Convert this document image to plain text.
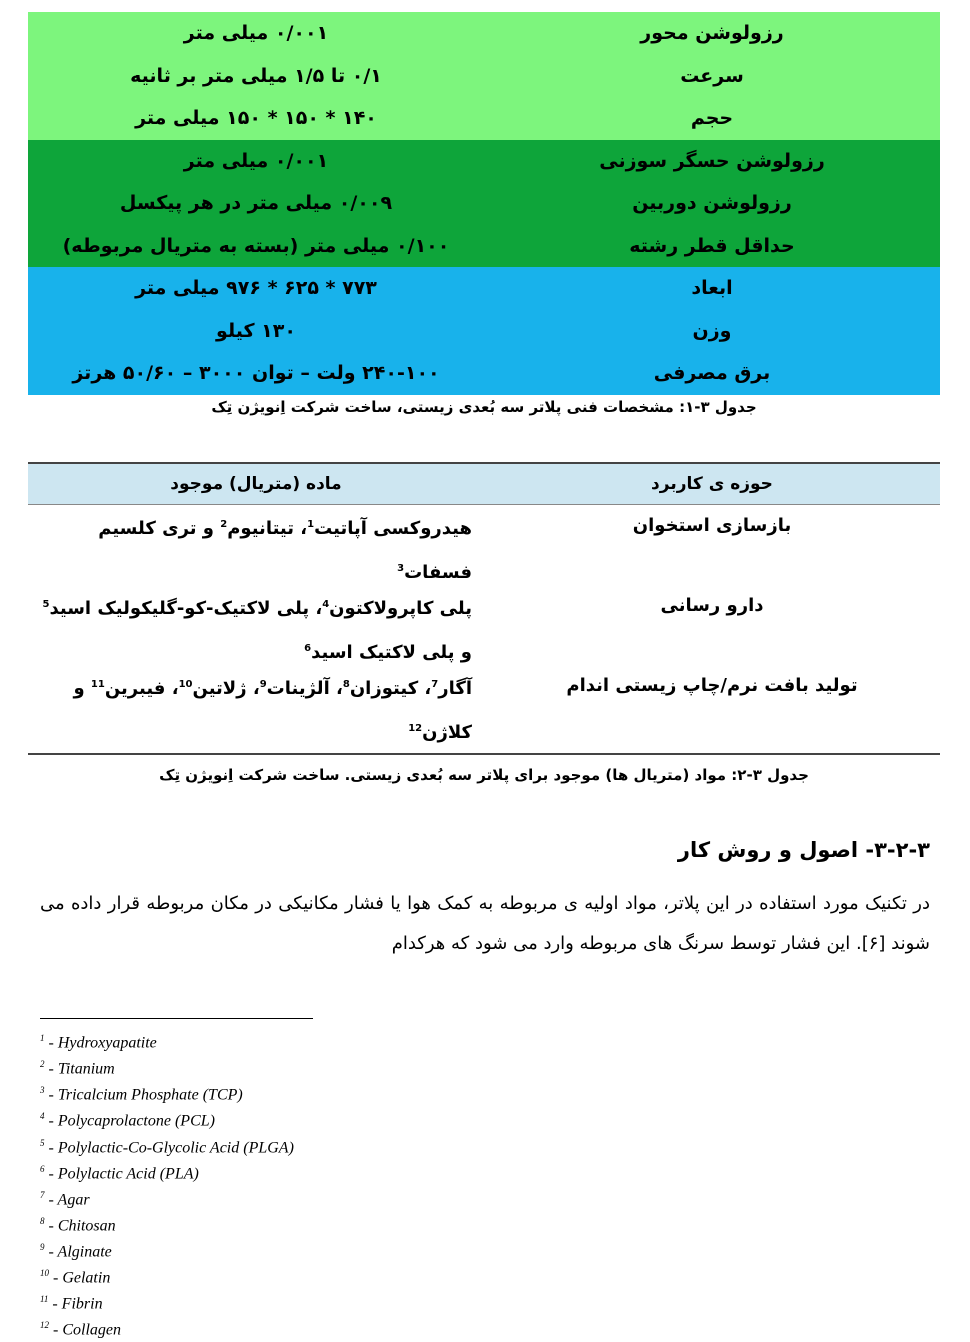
رزولوشن محور
۰/۰۰۱ میلی متر
سرعت
۰/۱ تا ۱/۵ میلی متر بر ثانیه
حجم
۱۴۰ * ۱۵۰ * ۱۵۰ میلی متر
رزولوشن حسگر سوزنی
۰/۰۰۱ میلی متر
رزولوشن دوربین
۰/۰۰۹ میلی متر در هر پیکسل
حداقل قطر رشته
۰/۱۰۰ میلی متر (بسته به متریال مربوطه)
ابعاد
۷۷۳ * ۶۲۵ * ۹۷۶ میلی متر
وزن
۱۳۰ کیلو
برق مصرفی
۲۴۰-۱۰۰ ولت – توان ۳۰۰۰ – ۵۰/۶۰ هرتز
جدول ۳-۱: مشخصات فنی پلاتر سه بُعدی زیستی، ساخت شرکت اِنویژن تِک
حوزه ی کاربرد
ماده (متریال) موجود
بازسازی استخوان
هیدروکسی آپاتیت$^1$، تیتانیوم$^2$ و تری کلسیم فسفات$^3$
دارو رسانی
پلی کاپرولاکتون$^4$، پلی لاکتیک-کو-گلیکولیک اسید$^5$ و پلی لاکتیک اسید$^6$
تولید بافت نرم/چاپ زیستی اندام
آگار$^7$، کیتوزان$^8$، آلژینات$^9$، ژلاتین$^{10}$، فیبرین$^{11}$ و کلاژن$^{12}$
جدول ۳-۲: مواد (متریال ها) موجود برای پلاتر سه بُعدی زیستی. ساخت شرکت اِنویژن تِک
۳-۲-۳- اصول و روش کار
در تکنیک مورد استفاده در این پلاتر، مواد اولیه ی مربوطه به کمک هوا یا فشار مکانیکی در مکان مربوطه قرار داده می شوند [۶]. این فشار توسط سرنگ های مربوطه وارد می شود که هرکدام
$^1$ - Hydroxyapatite
$^2$ - Titanium
$^3$ - Tricalcium Phosphate (TCP)
$^4$ - Polycaprolactone (PCL)
$^5$ - Polylactic-Co-Glycolic Acid (PLGA)
$^6$ - Polylactic Acid (PLA)
$^7$ - Agar
$^8$ - Chitosan
$^9$ - Alginate
$^{10}$ - Gelatin
$^{11}$ - Fibrin
$^{12}$ - Collagen
